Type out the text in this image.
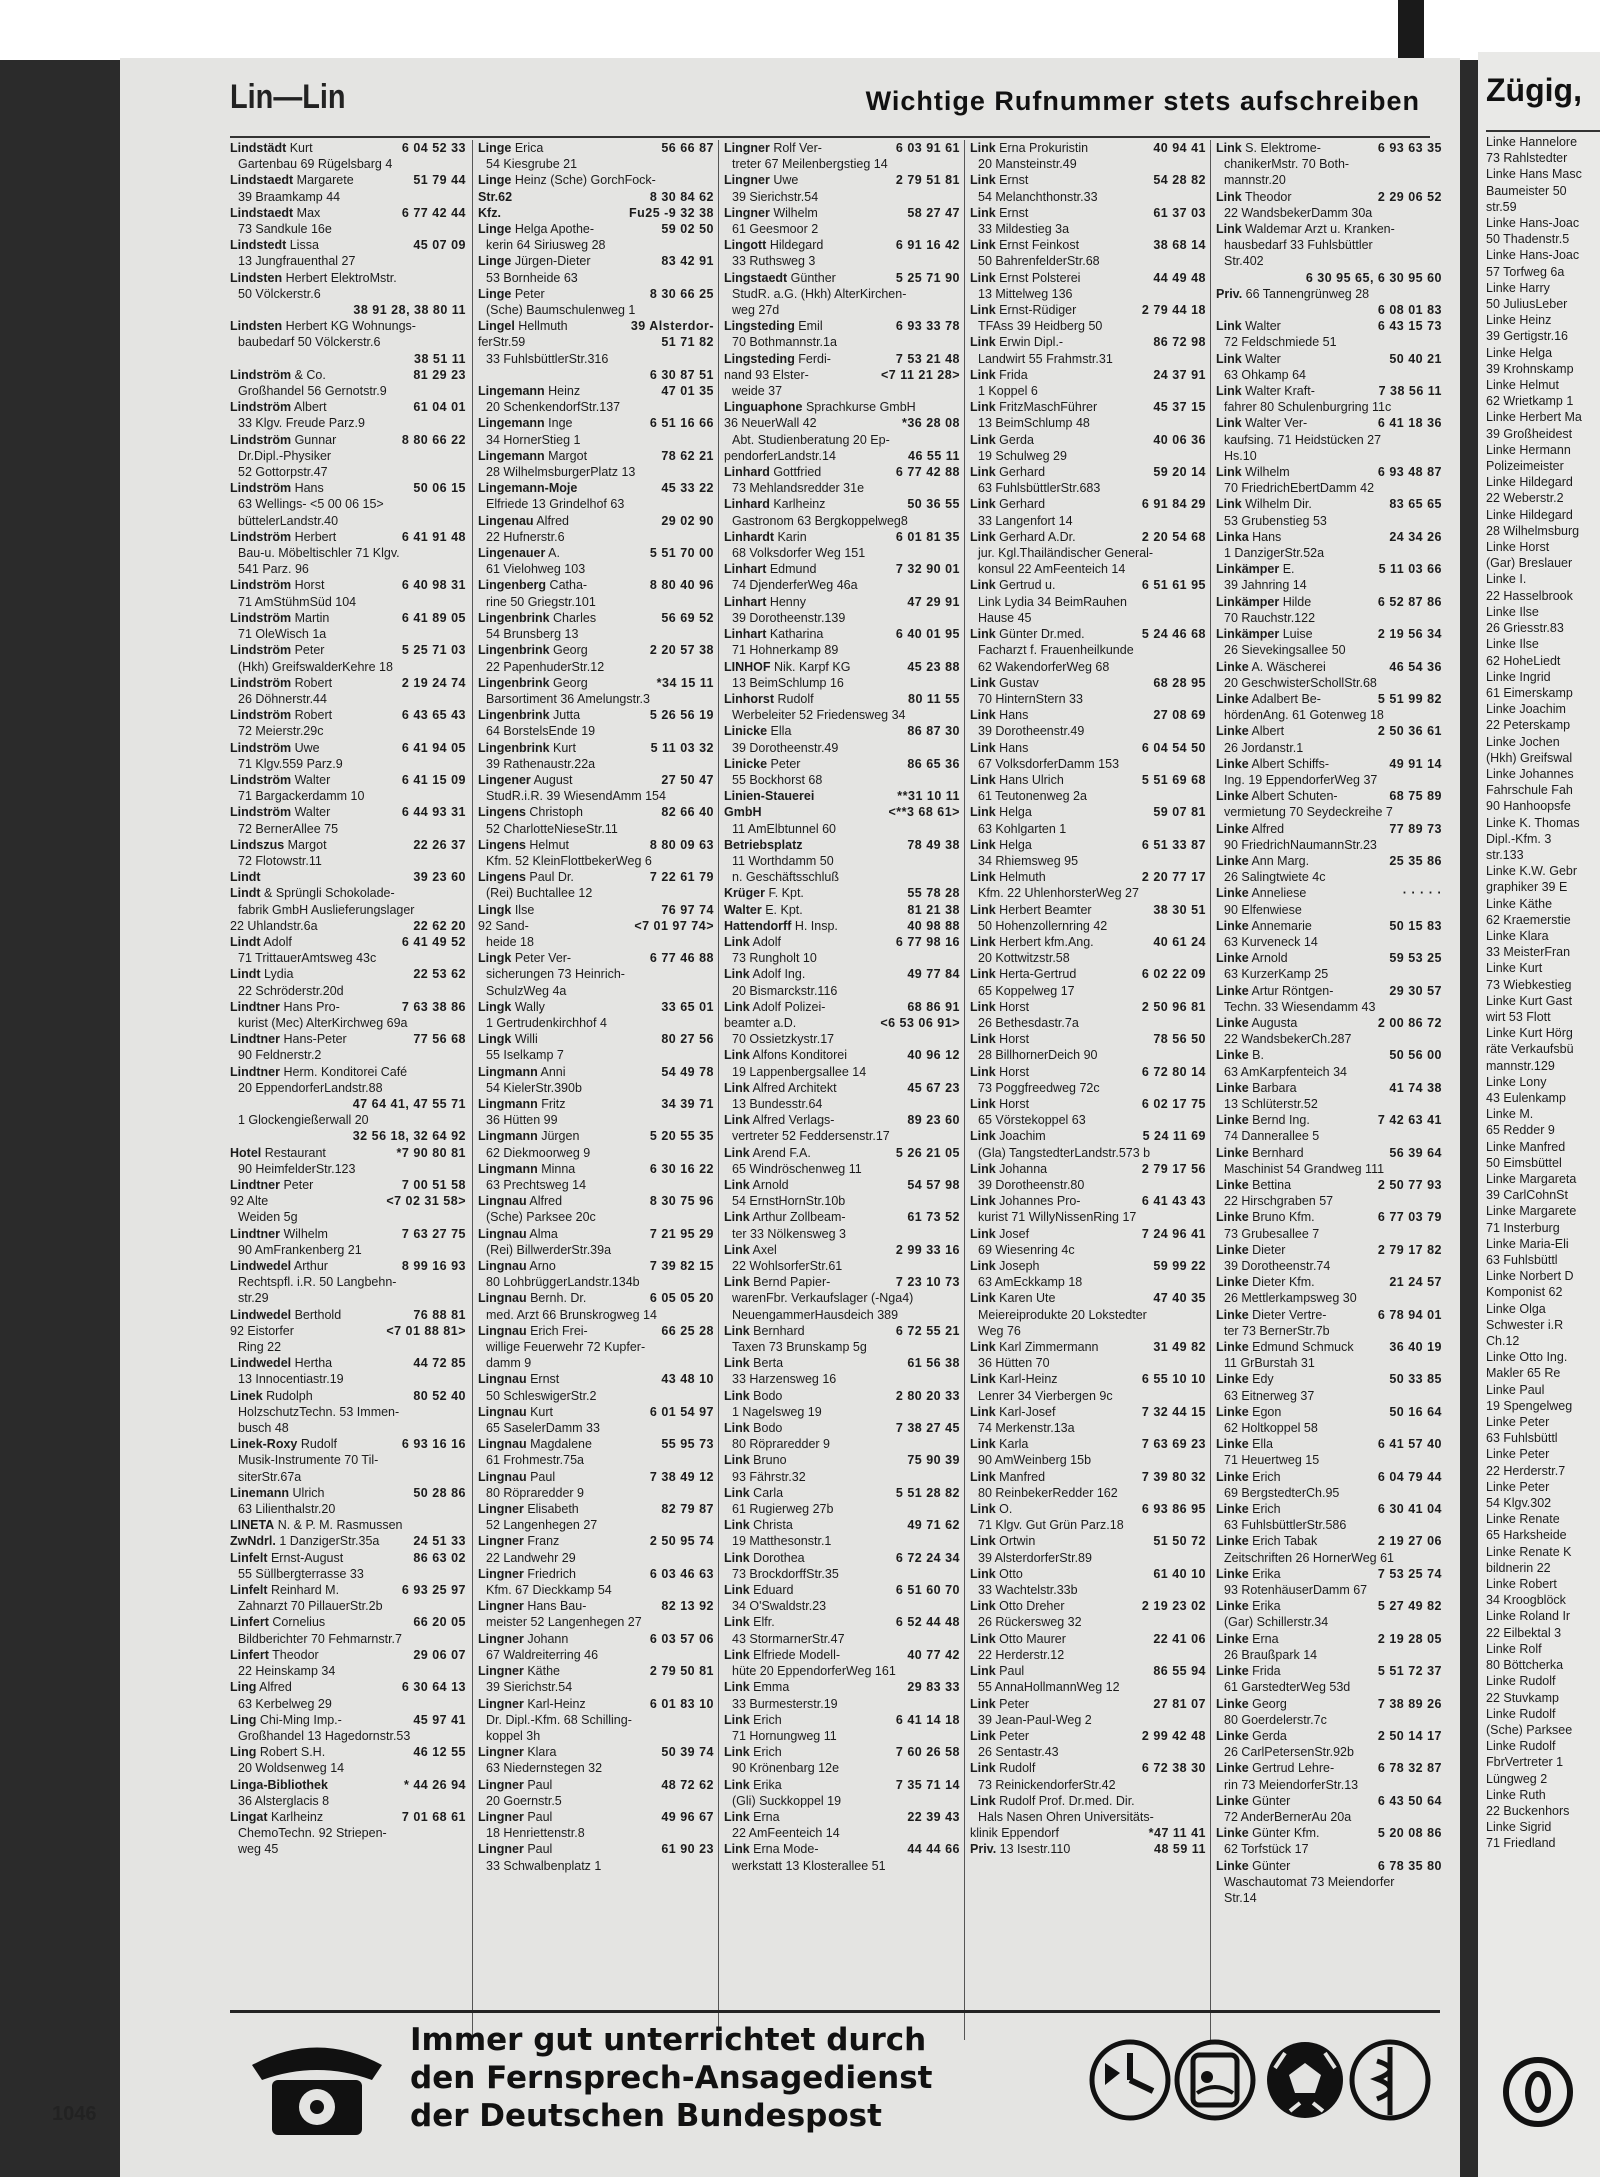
Lin—Lin	Wichtige Rufnummer stets aufschreiben
Lindstädt Kurt	6 04 52 33
Gartenbau 69 Rügelsbarg 4
Lindstaedt Margarete	51 79 44
39 Braamkamp 44
Lindstaedt Max	6 77 42 44
73 Sandkule 16e
Lindstedt Lissa	45 07 09
13 Jungfrauenthal 27
Lindsten Herbert ElektroMstr.
50 Völckerstr.6
38 91 28, 38 80 11
Lindsten Herbert KG Wohnungs-
baubedarf 50 Völckerstr.6
38 51 11
Lindström & Co.	81 29 23
Großhandel 56 Gernotstr.9
Lindström Albert	61 04 01
33 Klgv. Freude Parz.9
Lindström Gunnar	8 80 66 22
Dr.Dipl.-Physiker
52 Gottorpstr.47
Lindström Hans	50 06 15
63 Wellings- <5 00 06 15>
büttelerLandstr.40
Lindström Herbert	6 41 91 48
Bau-u. Möbeltischler 71 Klgv.
541 Parz. 96
Lindström Horst	6 40 98 31
71 AmStühmSüd 104
Lindström Martin	6 41 89 05
71 OleWisch 1a
Lindström Peter	5 25 71 03
(Hkh) GreifswalderKehre 18
Lindström Robert	2 19 24 74
26 Döhnerstr.44
Lindström Robert	6 43 65 43
72 Meierstr.29c
Lindström Uwe	6 41 94 05
71 Klgv.559 Parz.9
Lindström Walter	6 41 15 09
71 Bargackerdamm 10
Lindström Walter	6 44 93 31
72 BernerAllee 75
Lindszus Margot	22 26 37
72 Flotowstr.11
Lindt	39 23 60
Lindt & Sprüngli Schokolade-
fabrik GmbH Auslieferungslager
22 Uhlandstr.6a	22 62 20
Lindt Adolf	6 41 49 52
71 TrittauerAmtsweg 43c
Lindt Lydia	22 53 62
22 Schröderstr.20d
Lindtner Hans Pro-	7 63 38 86
kurist (Mec) AlterKirchweg 69a
Lindtner Hans-Peter	77 56 68
90 Feldnerstr.2
Lindtner Herm. Konditorei Café
20 EppendorferLandstr.88
47 64 41, 47 55 71
1 Glockengießerwall 20
32 56 18, 32 64 92
Hotel Restaurant	*7 90 80 81
90 HeimfelderStr.123
Lindtner Peter	7 00 51 58
92 Alte	<7 02 31 58>
Weiden 5g
Lindtner Wilhelm	7 63 27 75
90 AmFrankenberg 21
Lindwedel Arthur	8 99 16 93
Rechtspfl. i.R. 50 Langbehn-
str.29
Lindwedel Berthold	76 88 81
92 Eistorfer	<7 01 88 81>
Ring 22
Lindwedel Hertha	44 72 85
13 Innocentiastr.19
Linek Rudolph	80 52 40
HolzschutzTechn. 53 Immen-
busch 48
Linek-Roxy Rudolf	6 93 16 16
Musik-Instrumente 70 Til-
siterStr.67a
Linemann Ulrich	50 28 86
63 Lilienthalstr.20
LINETA N. & P. M. Rasmussen
ZwNdrl. 1 DanzigerStr.35a	24 51 33
Linfelt Ernst-August	86 63 02
55 Süllbergterrasse 33
Linfelt Reinhard M.	6 93 25 97
Zahnarzt 70 PillauerStr.2b
Linfert Cornelius	66 20 05
Bildberichter 70 Fehmarnstr.7
Linfert Theodor	29 06 07
22 Heinskamp 34
Ling Alfred	6 30 64 13
63 Kerbelweg 29
Ling Chi-Ming Imp.-	45 97 41
Großhandel 13 Hagedornstr.53
Ling Robert S.H.	46 12 55
20 Woldsenweg 14
Linga-Bibliothek	* 44 26 94
36 Alsterglacis 8
Lingat Karlheinz	7 01 68 61
ChemoTechn. 92 Striepen-
weg 45
Linge Erica	56 66 87
54 Kiesgrube 21
Linge Heinz (Sche) GorchFock-
Str.62	8 30 84 62
Kfz.	Fu25 -9 32 38
Linge Helga Apothe-	59 02 50
kerin 64 Siriusweg 28
Linge Jürgen-Dieter	83 42 91
53 Bornheide 63
Linge Peter	8 30 66 25
(Sche) Baumschulenweg 1
Lingel Hellmuth	39 Alsterdor-
ferStr.59	51 71 82
33 FuhlsbüttlerStr.316
6 30 87 51
Lingemann Heinz	47 01 35
20 SchenkendorfStr.137
Lingemann Inge	6 51 16 66
34 HornerStieg 1
Lingemann Margot	78 62 21
28 WilhelmsburgerPlatz 13
Lingemann-Moje	45 33 22
Elfriede 13 Grindelhof 63
Lingenau Alfred	29 02 90
22 Hufnerstr.6
Lingenauer A.	5 51 70 00
61 Vielohweg 103
Lingenberg Catha-	8 80 40 96
rine 50 Griegstr.101
Lingenbrink Charles	56 69 52
54 Brunsberg 13
Lingenbrink Georg	2 20 57 38
22 PapenhuderStr.12
Lingenbrink Georg	*34 15 11
Barsortiment 36 Amelungstr.3
Lingenbrink Jutta	5 26 56 19
64 BorstelsEnde 19
Lingenbrink Kurt	5 11 03 32
39 Rathenaustr.22a
Lingener August	27 50 47
StudR.i.R. 39 WiesendAmm 154
Lingens Christoph	82 66 40
52 CharlotteNieseStr.11
Lingens Helmut	8 80 09 63
Kfm. 52 KleinFlottbekerWeg 6
Lingens Paul Dr.	7 22 61 79
(Rei) Buchtallee 12
Lingk Ilse	76 97 74
92 Sand-	<7 01 97 74>
heide 18
Lingk Peter Ver-	6 77 46 88
sicherungen 73 Heinrich-
SchulzWeg 4a
Lingk Wally	33 65 01
1 Gertrudenkirchhof 4
Lingk Willi	80 27 56
55 Iselkamp 7
Lingmann Anni	54 49 78
54 KielerStr.390b
Lingmann Fritz	34 39 71
36 Hütten 99
Lingmann Jürgen	5 20 55 35
62 Diekmoorweg 9
Lingmann Minna	6 30 16 22
63 Prechtsweg 14
Lingnau Alfred	8 30 75 96
(Sche) Parksee 20c
Lingnau Alma	7 21 95 29
(Rei) BillwerderStr.39a
Lingnau Arno	7 39 82 15
80 LohbrüggerLandstr.134b
Lingnau Bernh. Dr.	6 05 05 20
med. Arzt 66 Brunskrogweg 14
Lingnau Erich Frei-	66 25 28
willige Feuerwehr 72 Kupfer-
damm 9
Lingnau Ernst	43 48 10
50 SchleswigerStr.2
Lingnau Kurt	6 01 54 97
65 SaselerDamm 33
Lingnau Magdalene	55 95 73
61 Frohmestr.75a
Lingnau Paul	7 38 49 12
80 Röpraredder 9
Lingner Elisabeth	82 79 87
52 Langenhegen 27
Lingner Franz	2 50 95 74
22 Landwehr 29
Lingner Friedrich	6 03 46 63
Kfm. 67 Dieckkamp 54
Lingner Hans Bau-	82 13 92
meister 52 Langenhegen 27
Lingner Johann	6 03 57 06
67 Waldreiterring 46
Lingner Käthe	2 79 50 81
39 Sierichstr.54
Lingner Karl-Heinz	6 01 83 10
Dr. Dipl.-Kfm. 68 Schilling-
koppel 3h
Lingner Klara	50 39 74
63 Niedernstegen 32
Lingner Paul	48 72 62
20 Goernstr.5
Lingner Paul	49 96 67
18 Henriettenstr.8
Lingner Paul	61 90 23
33 Schwalbenplatz 1
Lingner Rolf Ver-	6 03 91 61
treter 67 Meilenbergstieg 14
Lingner Uwe	2 79 51 81
39 Sierichstr.54
Lingner Wilhelm	58 27 47
61 Geesmoor 2
Lingott Hildegard	6 91 16 42
33 Ruthsweg 3
Lingstaedt Günther	5 25 71 90
StudR. a.G. (Hkh) AlterKirchen-
weg 27d
Lingsteding Emil	6 93 33 78
70 Bothmannstr.1a
Lingsteding Ferdi-	7 53 21 48
nand 93 Elster-	<7 11 21 28>
weide 37
Linguaphone Sprachkurse GmbH
36 NeuerWall 42	*36 28 08
Abt. Studienberatung 20 Ep-
pendorferLandstr.14	46 55 11
Linhard Gottfried	6 77 42 88
73 Mehlandsredder 31e
Linhard Karlheinz	50 36 55
Gastronom 63 Bergkoppelweg8
Linhardt Karin	6 01 81 35
68 Volksdorfer Weg 151
Linhart Edmund	7 32 90 01
74 DjenderferWeg 46a
Linhart Henny	47 29 91
39 Dorotheenstr.139
Linhart Katharina	6 40 01 95
71 Hohnerkamp 89
LINHOF Nik. Karpf KG	45 23 88
13 BeimSchlump 16
Linhorst Rudolf	80 11 55
Werbeleiter 52 Friedensweg 34
Linicke Ella	86 87 30
39 Dorotheenstr.49
Linicke Peter	86 65 36
55 Bockhorst 68
Linien-Stauerei	**31 10 11
GmbH	<**3 68 61>
11 AmElbtunnel 60
Betriebsplatz	78 49 38
11 Worthdamm 50
n. Geschäftsschluß
Krüger F. Kpt.	55 78 28
Walter E. Kpt.	81 21 38
Hattendorff H. Insp.	40 98 88
Link Adolf	6 77 98 16
73 Rungholt 10
Link Adolf Ing.	49 77 84
20 Bismarckstr.116
Link Adolf Polizei-	68 86 91
beamter a.D.	<6 53 06 91>
70 Ossietzkystr.17
Link Alfons Konditorei	40 96 12
19 Lappenbergsallee 14
Link Alfred Architekt	45 67 23
13 Bundesstr.64
Link Alfred Verlags-	89 23 60
vertreter 52 Feddersenstr.17
Link Arend F.A.	5 26 21 05
65 Windröschenweg 11
Link Arnold	54 57 98
54 ErnstHornStr.10b
Link Arthur Zollbeam-	61 73 52
ter 33 Nölkensweg 3
Link Axel	2 99 33 16
22 WohlsorferStr.61
Link Bernd Papier-	7 23 10 73
warenFbr. Verkaufslager (-Nga4)
NeuengammerHausdeich 389
Link Bernhard	6 72 55 21
Taxen 73 Brunskamp 5g
Link Berta	61 56 38
33 Harzensweg 16
Link Bodo	2 80 20 33
1 Nagelsweg 19
Link Bodo	7 38 27 45
80 Röpraredder 9
Link Bruno	75 90 39
93 Fährstr.32
Link Carla	5 51 28 82
61 Rugierweg 27b
Link Christa	49 71 62
19 Matthesonstr.1
Link Dorothea	6 72 24 34
73 BrockdorffStr.35
Link Eduard	6 51 60 70
34 O'Swaldstr.23
Link Elfr.	6 52 44 48
43 StormarnerStr.47
Link Elfriede Modell-	40 77 42
hüte 20 EppendorferWeg 161
Link Emma	29 83 33
33 Burmesterstr.19
Link Erich	6 41 14 18
71 Hornungweg 11
Link Erich	7 60 26 58
90 Krönenbarg 12e
Link Erika	7 35 71 14
(Gli) Suckkoppel 19
Link Erna	22 39 43
22 AmFeenteich 14
Link Erna Mode-	44 44 66
werkstatt 13 Klosterallee 51
Link Erna Prokuristin	40 94 41
20 Mansteinstr.49
Link Ernst	54 28 82
54 Melanchthonstr.33
Link Ernst	61 37 03
33 Mildestieg 3a
Link Ernst Feinkost	38 68 14
50 BahrenfelderStr.68
Link Ernst Polsterei	44 49 48
13 Mittelweg 136
Link Ernst-Rüdiger	2 79 44 18
TFAss 39 Heidberg 50
Link Erwin Dipl.-	86 72 98
Landwirt 55 Frahmstr.31
Link Frida	24 37 91
1 Koppel 6
Link FritzMaschFührer	45 37 15
13 BeimSchlump 48
Link Gerda	40 06 36
19 Schulweg 29
Link Gerhard	59 20 14
63 FuhlsbüttlerStr.683
Link Gerhard	6 91 84 29
33 Langenfort 14
Link Gerhard A.Dr.	2 20 54 68
jur. Kgl.Thailändischer General-
konsul 22 AmFeenteich 14
Link Gertrud u.	6 51 61 95
Link Lydia 34 BeimRauhen
Hause 45
Link Günter Dr.med.	5 24 46 68
Facharzt f. Frauenheilkunde
62 WakendorferWeg 68
Link Gustav	68 28 95
70 HinternStern 33
Link Hans	27 08 69
39 Dorotheenstr.49
Link Hans	6 04 54 50
67 VolksdorferDamm 153
Link Hans Ulrich	5 51 69 68
61 Teutonenweg 2a
Link Helga	59 07 81
63 Kohlgarten 1
Link Helga	6 51 33 87
34 Rhiemsweg 95
Link Helmuth	2 20 77 17
Kfm. 22 UhlenhorsterWeg 27
Link Herbert Beamter	38 30 51
50 Hohenzollernring 42
Link Herbert kfm.Ang.	40 61 24
20 Kottwitzstr.58
Link Herta-Gertrud	6 02 22 09
65 Koppelweg 17
Link Horst	2 50 96 81
26 Bethesdastr.7a
Link Horst	78 56 50
28 BillhornerDeich 90
Link Horst	6 72 80 14
73 Poggfreedweg 72c
Link Horst	6 02 17 75
65 Vörstekoppel 63
Link Joachim	5 24 11 69
(Gla) TangstedterLandstr.573 b
Link Johanna	2 79 17 56
39 Dorotheenstr.80
Link Johannes Pro-	6 41 43 43
kurist 71 WillyNissenRing 17
Link Josef	7 24 96 41
69 Wiesenring 4c
Link Joseph	59 99 22
63 AmEckkamp 18
Link Karen Ute	47 40 35
Meiereiprodukte 20 Lokstedter
Weg 76
Link Karl Zimmermann	31 49 82
36 Hütten 70
Link Karl-Heinz	6 55 10 10
Lenrer 34 Vierbergen 9c
Link Karl-Josef	7 32 44 15
74 Merkenstr.13a
Link Karla	7 63 69 23
90 AmWeinberg 15b
Link Manfred	7 39 80 32
80 ReinbekerRedder 162
Link O.	6 93 86 95
71 Klgv. Gut Grün Parz.18
Link Ortwin	51 50 72
39 AlsterdorferStr.89
Link Otto	61 40 10
33 Wachtelstr.33b
Link Otto Dreher	2 19 23 02
26 Rückersweg 32
Link Otto Maurer	22 41 06
22 Herderstr.12
Link Paul	86 55 94
55 AnnaHollmannWeg 12
Link Peter	27 81 07
39 Jean-Paul-Weg 2
Link Peter	2 99 42 48
26 Sentastr.43
Link Rudolf	6 72 38 30
73 ReinickendorferStr.42
Link Rudolf Prof. Dr.med. Dir.
Hals Nasen Ohren Universitäts-
klinik Eppendorf	*47 11 41
Priv. 13 Isestr.110	48 59 11
Link S. Elektrome-	6 93 63 35
chanikerMstr. 70 Both-
mannstr.20
Link Theodor	2 29 06 52
22 WandsbekerDamm 30a
Link Waldemar Arzt u. Kranken-
hausbedarf 33 Fuhlsbüttler
Str.402
6 30 95 65, 6 30 95 60
Priv. 66 Tannengrünweg 28
6 08 01 83
Link Walter	6 43 15 73
72 Feldschmiede 51
Link Walter	50 40 21
63 Ohkamp 64
Link Walter Kraft-	7 38 56 11
fahrer 80 Schulenburgring 11c
Link Walter Ver-	6 41 18 36
kaufsing. 71 Heidstücken 27
Hs.10
Link Wilhelm	6 93 48 87
70 FriedrichEbertDamm 42
Link Wilhelm Dir.	83 65 65
53 Grubenstieg 53
Linka Hans	24 34 26
1 DanzigerStr.52a
Linkämper E.	5 11 03 66
39 Jahnring 14
Linkämper Hilde	6 52 87 86
70 Rauchstr.122
Linkämper Luise	2 19 56 34
26 Sievekingsallee 50
Linke A. Wäscherei	46 54 36
20 GeschwisterSchollStr.68
Linke Adalbert Be-	5 51 99 82
hördenAng. 61 Gotenweg 18
Linke Albert	2 50 36 61
26 Jordanstr.1
Linke Albert Schiffs-	49 91 14
Ing. 19 EppendorferWeg 37
Linke Albert Schuten-	68 75 89
vermietung 70 Seydeckreihe 7
Linke Alfred	77 89 73
90 FriedrichNaumannStr.23
Linke Ann Marg.	25 35 86
26 Salingtwiete 4c
Linke Anneliese	· · · · ·
90 Elfenwiese
Linke Annemarie	50 15 83
63 Kurveneck 14
Linke Arnold	59 53 25
63 KurzerKamp 25
Linke Artur Röntgen-	29 30 57
Techn. 33 Wiesendamm 43
Linke Augusta	2 00 86 72
22 WandsbekerCh.287
Linke B.	50 56 00
63 AmKarpfenteich 34
Linke Barbara	41 74 38
13 Schlüterstr.52
Linke Bernd Ing.	7 42 63 41
74 Dannerallee 5
Linke Bernhard	56 39 64
Maschinist 54 Grandweg 111
Linke Bettina	2 50 77 93
22 Hirschgraben 57
Linke Bruno Kfm.	6 77 03 79
73 Grubesallee 7
Linke Dieter	2 79 17 82
39 Dorotheenstr.74
Linke Dieter Kfm.	21 24 57
26 Mettlerkampsweg 30
Linke Dieter Vertre-	6 78 94 01
ter 73 BernerStr.7b
Linke Edmund Schmuck	36 40 19
11 GrBurstah 31
Linke Edy	50 33 85
63 Eitnerweg 37
Linke Egon	50 16 64
62 Holtkoppel 58
Linke Ella	6 41 57 40
71 Heuertweg 15
Linke Erich	6 04 79 44
69 BergstedterCh.95
Linke Erich	6 30 41 04
63 FuhlsbüttlerStr.586
Linke Erich Tabak	2 19 27 06
Zeitschriften 26 HornerWeg 61
Linke Erika	7 53 25 74
93 RotenhäuserDamm 67
Linke Erika	5 27 49 82
(Gar) Schillerstr.34
Linke Erna	2 19 28 05
26 Braußpark 14
Linke Frida	5 51 72 37
61 GarstedterWeg 53d
Linke Georg	7 38 89 26
80 Goerdelerstr.7c
Linke Gerda	2 50 14 17
26 CarlPetersenStr.92b
Linke Gertrud Lehre-	6 78 32 87
rin 73 MeiendorferStr.13
Linke Günter	6 43 50 64
72 AnderBernerAu 20a
Linke Günter Kfm.	5 20 08 86
62 Torfstück 17
Linke Günter	6 78 35 80
Waschautomat 73 Meiendorfer
Str.14
Immer gut unterrichtet durch
den Fernsprech-Ansagedienst
der Deutschen Bundespost
1046
Zügig,
Linke Hannelore
73 Rahlstedter
Linke Hans Masc
Baumeister 50
str.59
Linke Hans-Joac
50 Thadenstr.5
Linke Hans-Joac
57 Torfweg 6a
Linke Harry
50 JuliusLeber
Linke Heinz
39 Gertigstr.16
Linke Helga
39 Krohnskamp
Linke Helmut
62 Wrietkamp 1
Linke Herbert Ma
39 Großheidest
Linke Hermann
Polizeimeister
Linke Hildegard
22 Weberstr.2
Linke Hildegard
28 Wilhelmsburg
Linke Horst
(Gar) Breslauer
Linke I.
22 Hasselbrook
Linke Ilse
26 Griesstr.83
Linke Ilse
62 HoheLiedt
Linke Ingrid
61 Eimerskamp
Linke Joachim
22 Peterskamp
Linke Jochen
(Hkh) Greifswal
Linke Johannes
Fahrschule Fah
90 Hanhoopsfe
Linke K. Thomas
Dipl.-Kfm. 3
str.133
Linke K.W. Gebr
graphiker 39 E
Linke Käthe
62 Kraemerstie
Linke Klara
33 MeisterFran
Linke Kurt
73 Wiebkestieg
Linke Kurt Gast
wirt 53 Flott
Linke Kurt Hörg
räte Verkaufsbü
mannstr.129
Linke Lony
43 Eulenkamp
Linke M.
65 Redder 9
Linke Manfred
50 Eimsbüttel
Linke Margareta
39 CarlCohnSt
Linke Margarete
71 Insterburg
Linke Maria-Eli
63 Fuhlsbüttl
Linke Norbert D
Komponist 62
Linke Olga
Schwester i.R
Ch.12
Linke Otto Ing.
Makler 65 Re
Linke Paul
19 Spengelweg
Linke Peter
63 Fuhlsbüttl
Linke Peter
22 Herderstr.7
Linke Peter
54 Klgv.302
Linke Renate
65 Harksheide
Linke Renate K
bildnerin 22
Linke Robert
34 Kroogblöck
Linke Roland Ir
22 Eilbektal 3
Linke Rolf
80 Böttcherka
Linke Rudolf
22 Stuvkamp
Linke Rudolf
(Sche) Parksee
Linke Rudolf
FbrVertreter 1
Lüngweg 2
Linke Ruth
22 Buckenhors
Linke Sigrid
71 Friedland
